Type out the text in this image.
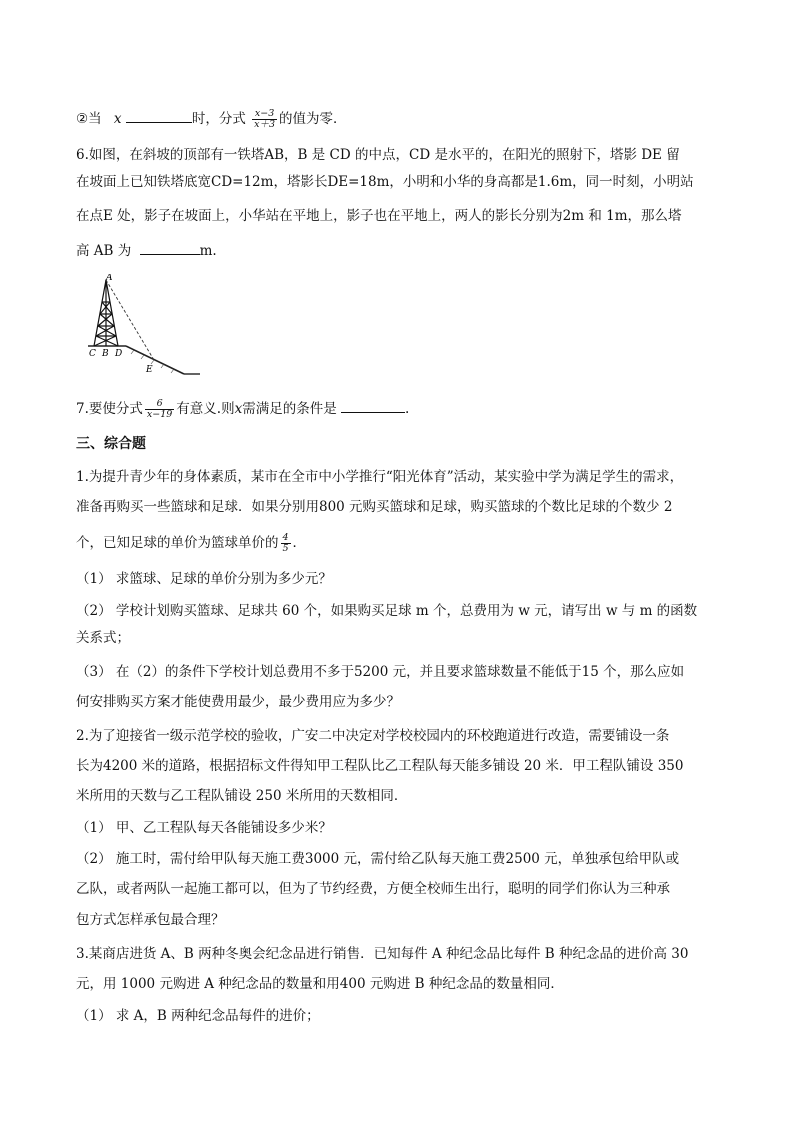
②当 x	时，分式 $\frac{x-3}{x+3}$ 的值为零．
6.如图，在斜坡的顶部有一铁塔AB，B 是 CD 的中点，CD 是水平的，在阳光的照射下，塔影 DE 留
在坡面上已知铁塔底宽CD=12m，塔影长DE=18m，小明和小华的身高都是1.6m，同一时刻，小明站
在点E 处，影子在坡面上，小华站在平地上，影子也在平地上，两人的影长分别为2m 和 1m，那么塔
高 AB 为	m.
A
C B D
E
7.要使分式 $\frac{6}{x-19}$ 有意义.则x需满足的条件是	.
三、综合题
1.为提升青少年的身体素质，某市在全市中小学推行“阳光体育”活动，某实验中学为满足学生的需求，
准备再购买一些篮球和足球．如果分别用800 元购买篮球和足球，购买篮球的个数比足球的个数少 2
个，已知足球的单价为篮球单价的 $\frac{4}{5}$ ．
（1） 求篮球、足球的单价分别为多少元？
（2） 学校计划购买篮球、足球共 60 个，如果购买足球 m 个，总费用为 w 元，请写出 w 与 m 的函数
关系式；
（3） 在（2）的条件下学校计划总费用不多于5200 元，并且要求篮球数量不能低于15 个，那么应如
何安排购买方案才能使费用最少，最少费用应为多少？
2.为了迎接省一级示范学校的验收，广安二中决定对学校校园内的环校跑道进行改造，需要铺设一条
长为4200 米的道路，根据招标文件得知甲工程队比乙工程队每天能多铺设 20 米．甲工程队铺设 350
米所用的天数与乙工程队铺设 250 米所用的天数相同．
（1） 甲、乙工程队每天各能铺设多少米？
（2） 施工时，需付给甲队每天施工费3000 元，需付给乙队每天施工费2500 元，单独承包给甲队或
乙队，或者两队一起施工都可以，但为了节约经费，方便全校师生出行，聪明的同学们你认为三种承
包方式怎样承包最合理？
3.某商店进货 A、B 两种冬奥会纪念品进行销售．已知每件 A 种纪念品比每件 B 种纪念品的进价高 30
元，用 1000 元购进 A 种纪念品的数量和用400 元购进 B 种纪念品的数量相同．
（1） 求 A，B 两种纪念品每件的进价；
